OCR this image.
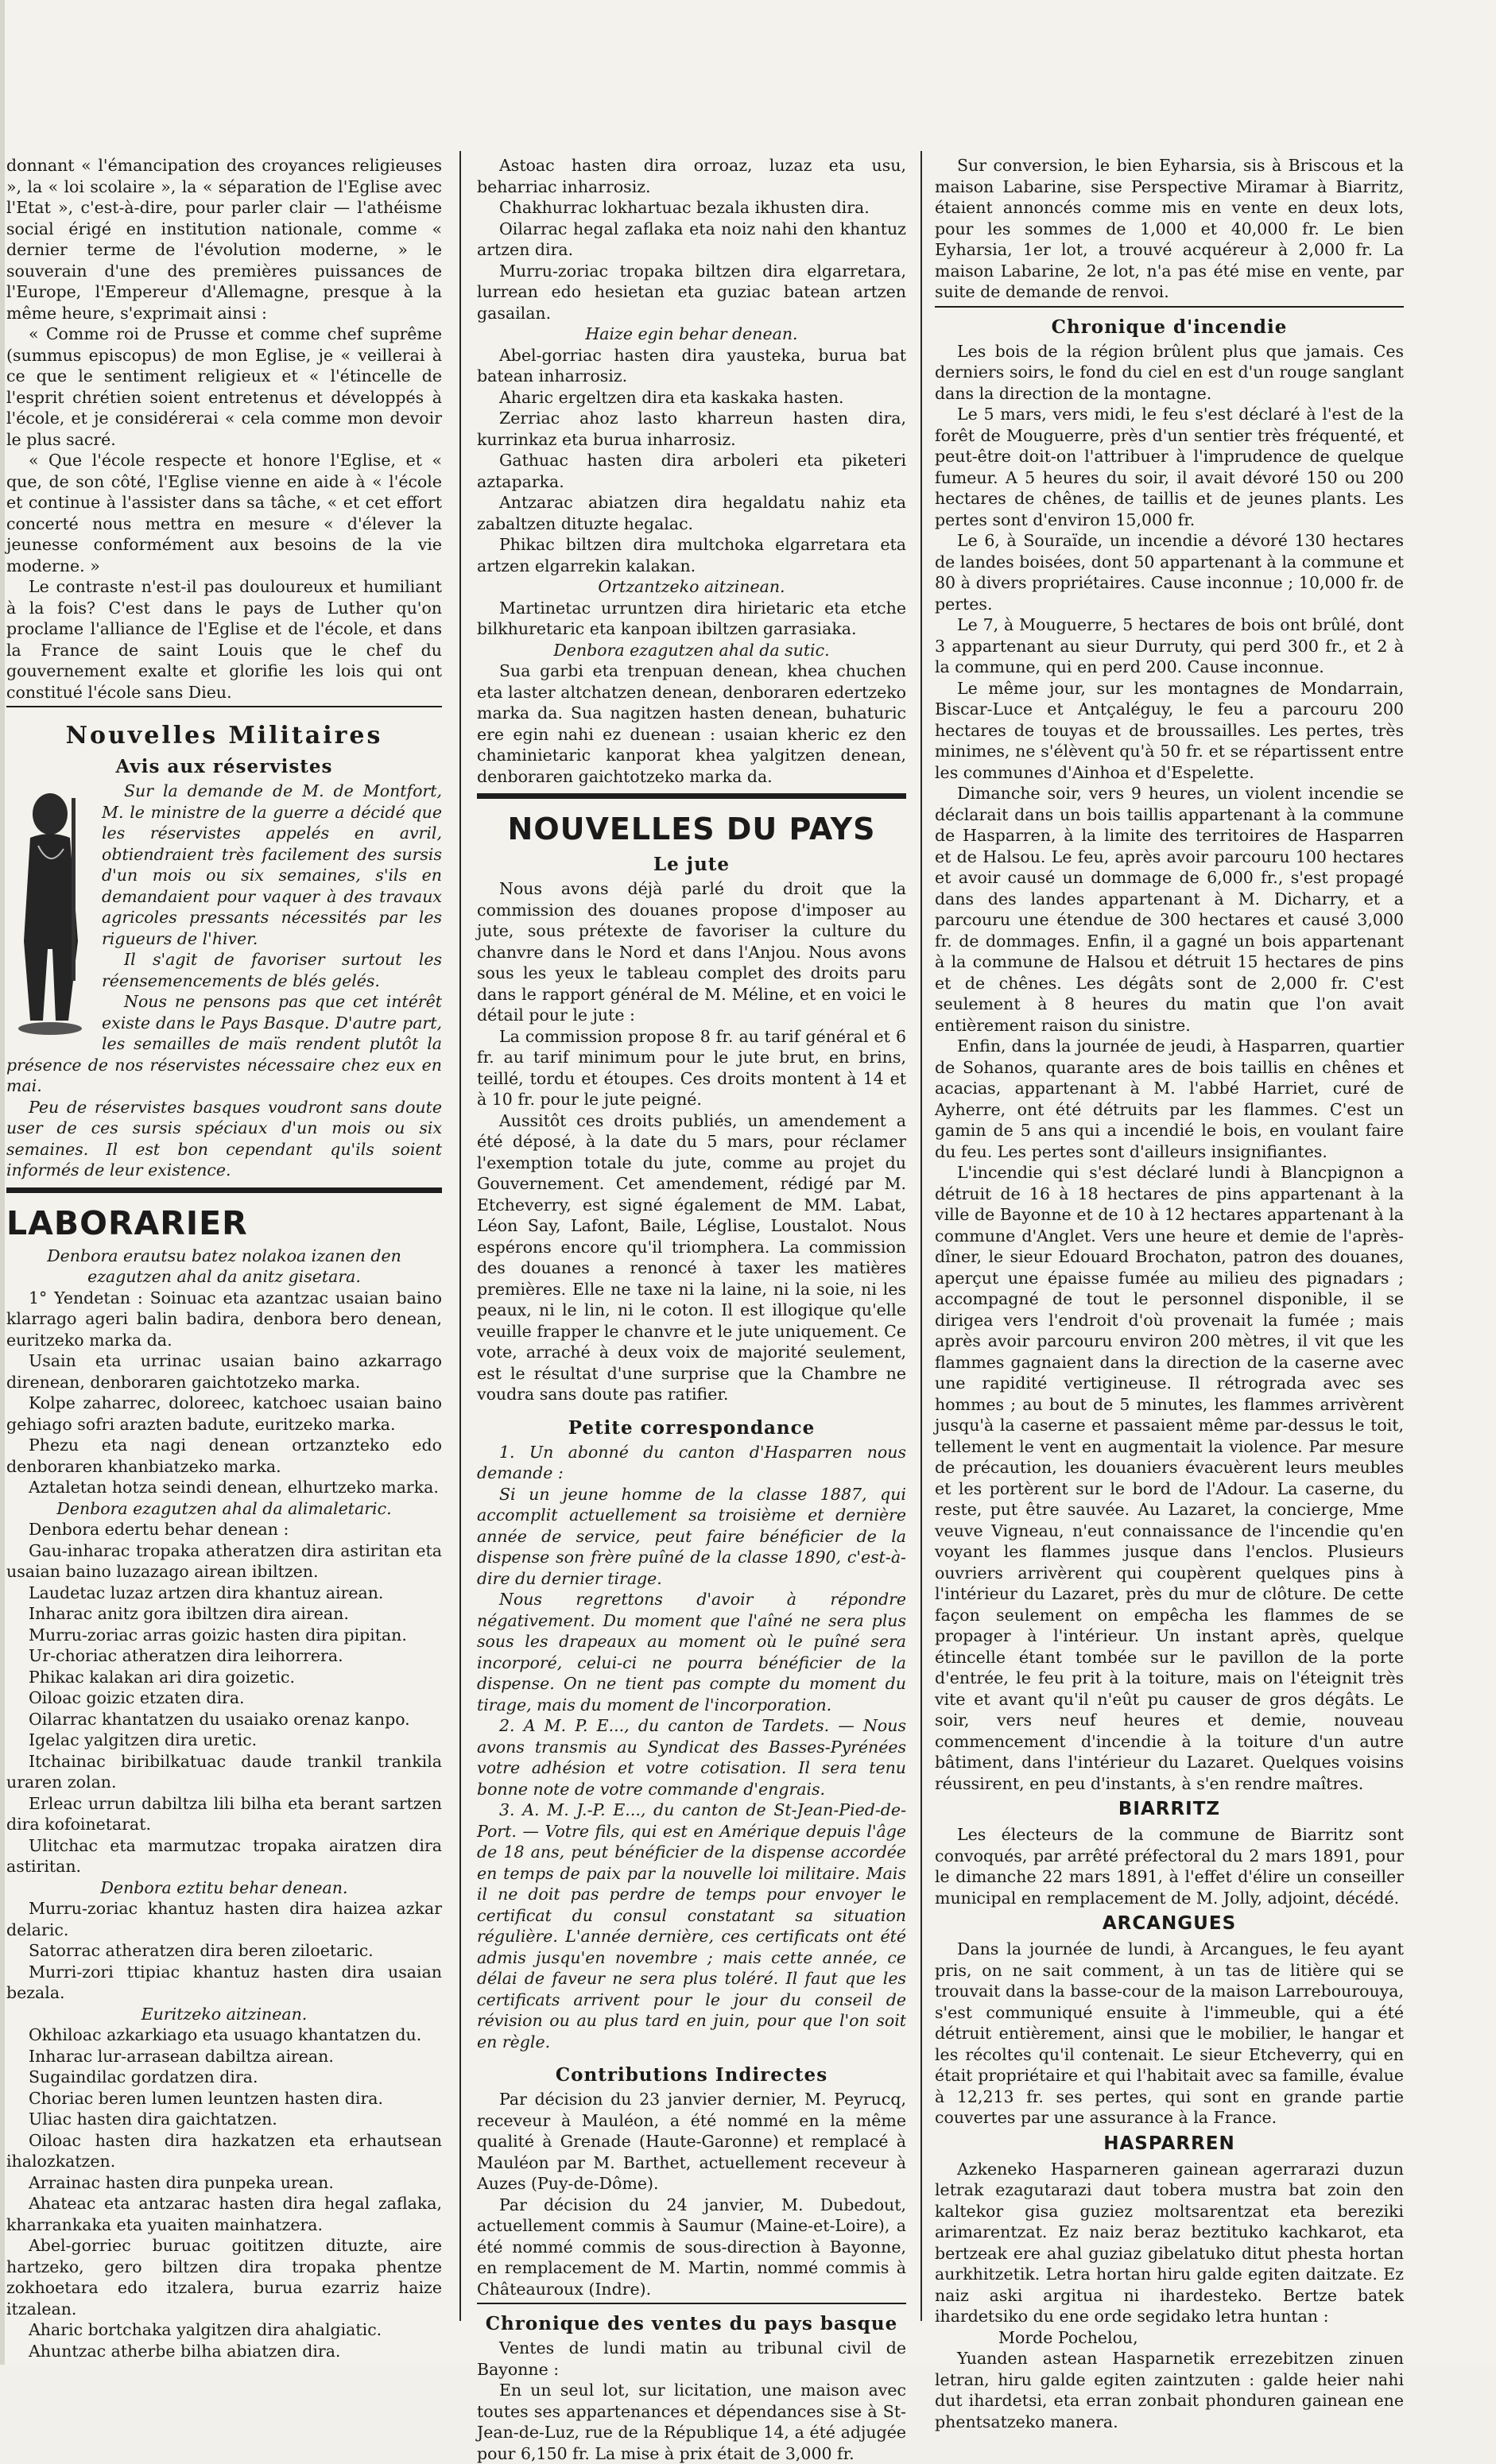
donnant « l'émancipation des croyances religieuses », la « loi scolaire », la « séparation de l'Eglise avec l'Etat », c'est-à-dire, pour parler clair — l'athéisme social érigé en institution nationale, comme « dernier terme de l'évolution moderne, » le souverain d'une des premières puissances de l'Europe, l'Empereur d'Allemagne, presque à la même heure, s'exprimait ainsi :

« Comme roi de Prusse et comme chef suprême (summus episcopus) de mon Eglise, je « veillerai à ce que le sentiment religieux et « l'étincelle de l'esprit chrétien soient entretenus et développés à l'école, et je considérerai « cela comme mon devoir le plus sacré.

« Que l'école respecte et honore l'Eglise, et « que, de son côté, l'Eglise vienne en aide à « l'école et continue à l'assister dans sa tâche, « et cet effort concerté nous mettra en mesure « d'élever la jeunesse conformément aux besoins de la vie moderne. »

Le contraste n'est-il pas douloureux et humiliant à la fois? C'est dans le pays de Luther qu'on proclame l'alliance de l'Eglise et de l'école, et dans la France de saint Louis que le chef du gouvernement exalte et glorifie les lois qui ont constitué l'école sans Dieu.

Nouvelles Militaires
Avis aux réservistes

Sur la demande de M. de Montfort, M. le ministre de la guerre a décidé que les réservistes appelés en avril, obtiendraient très facilement des sursis d'un mois ou six semaines, s'ils en demandaient pour vaquer à des travaux agricoles pressants nécessités par les rigueurs de l'hiver.

Il s'agit de favoriser surtout les réensemencements de blés gelés.

Nous ne pensons pas que cet intérêt existe dans le Pays Basque. D'autre part, les semailles de maïs rendent plutôt la présence de nos réservistes nécessaire chez eux en mai.

Peu de réservistes basques voudront sans doute user de ces sursis spéciaux d'un mois ou six semaines. Il est bon cependant qu'ils soient informés de leur existence.

LABORARIER

Denbora erautsu batez nolakoa izanen den ezagutzen ahal da anitz gisetara.

1° Yendetan : Soinuac eta azantzac usaian baino klarrago ageri balin badira, denbora bero denean, euritzeko marka da.

Usain eta urrinac usaian baino azkarrago direnean, denboraren gaichtotzeko marka.

Kolpe zaharrec, doloreec, katchoec usaian baino gehiago sofri arazten badute, euritzeko marka.

Phezu eta nagi denean ortzanzteko edo denboraren khanbiatzeko marka.

Aztaletan hotza seindi denean, elhurtzeko marka.

Denbora ezagutzen ahal da alimaletaric.

Denbora edertu behar denean :

Gau-inharac tropaka atheratzen dira astiritan eta usaian baino luzazago airean ibiltzen.

Laudetac luzaz artzen dira khantuz airean.

Inharac anitz gora ibiltzen dira airean.

Murru-zoriac arras goizic hasten dira pipitan.

Ur-choriac atheratzen dira leihorrera.

Phikac kalakan ari dira goizetic.

Oiloac goizic etzaten dira.

Oilarrac khantatzen du usaiako orenaz kanpo.

Igelac yalgitzen dira uretic.

Itchainac biribilkatuac daude trankil trankila uraren zolan.

Erleac urrun dabiltza lili bilha eta berant sartzen dira kofoinetarat.

Ulitchac eta marmutzac tropaka airatzen dira astiritan.

Denbora eztitu behar denean.

Murru-zoriac khantuz hasten dira haizea azkar delaric.

Satorrac atheratzen dira beren ziloetaric.

Murri-zori ttipiac khantuz hasten dira usaian bezala.

Euritzeko aitzinean.

Okhiloac azkarkiago eta usuago khantatzen du.

Inharac lur-arrasean dabiltza airean.

Sugaindilac gordatzen dira.

Choriac beren lumen leuntzen hasten dira.

Uliac hasten dira gaichtatzen.

Oiloac hasten dira hazkatzen eta erhautsean ihalozkatzen.

Arrainac hasten dira punpeka urean.

Ahateac eta antzarac hasten dira hegal zaflaka, kharrankaka eta yuaiten mainhatzera.

Abel-gorriec buruac goititzen dituzte, aire hartzeko, gero biltzen dira tropaka phentze zokhoetara edo itzalera, burua ezarriz haize itzalean.

Aharic bortchaka yalgitzen dira ahalgiatic.

Ahuntzac atherbe bilha abiatzen dira.

Astoac hasten dira orroaz, luzaz eta usu, beharriac inharrosiz.

Chakhurrac lokhartuac bezala ikhusten dira.

Oilarrac hegal zaflaka eta noiz nahi den khantuz artzen dira.

Murru-zoriac tropaka biltzen dira elgarretara, lurrean edo hesietan eta guziac batean artzen gasailan.

Haize egin behar denean.

Abel-gorriac hasten dira yausteka, burua bat batean inharrosiz.

Aharic ergeltzen dira eta kaskaka hasten.

Zerriac ahoz lasto kharreun hasten dira, kurrinkaz eta burua inharrosiz.

Gathuac hasten dira arboleri eta piketeri aztaparka.

Antzarac abiatzen dira hegaldatu nahiz eta zabaltzen dituzte hegalac.

Phikac biltzen dira multchoka elgarretara eta artzen elgarrekin kalakan.

Ortzantzeko aitzinean.

Martinetac urruntzen dira hirietaric eta etche bilkhuretaric eta kanpoan ibiltzen garrasiaka.

Denbora ezagutzen ahal da sutic.

Sua garbi eta trenpuan denean, khea chuchen eta laster altchatzen denean, denboraren edertzeko marka da. Sua nagitzen hasten denean, buhaturic ere egin nahi ez duenean : usaian kheric ez den chaminietaric kanporat khea yalgitzen denean, denboraren gaichtotzeko marka da.

NOUVELLES DU PAYS
Le jute

Nous avons déjà parlé du droit que la commission des douanes propose d'imposer au jute, sous prétexte de favoriser la culture du chanvre dans le Nord et dans l'Anjou. Nous avons sous les yeux le tableau complet des droits paru dans le rapport général de M. Méline, et en voici le détail pour le jute :

La commission propose 8 fr. au tarif général et 6 fr. au tarif minimum pour le jute brut, en brins, teillé, tordu et étoupes. Ces droits montent à 14 et à 10 fr. pour le jute peigné.

Aussitôt ces droits publiés, un amendement a été déposé, à la date du 5 mars, pour réclamer l'exemption totale du jute, comme au projet du Gouvernement. Cet amendement, rédigé par M. Etcheverry, est signé également de MM. Labat, Léon Say, Lafont, Baile, Léglise, Loustalot. Nous espérons encore qu'il triomphera. La commission des douanes a renoncé à taxer les matières premières. Elle ne taxe ni la laine, ni la soie, ni les peaux, ni le lin, ni le coton. Il est illogique qu'elle veuille frapper le chanvre et le jute uniquement. Ce vote, arraché à deux voix de majorité seulement, est le résultat d'une surprise que la Chambre ne voudra sans doute pas ratifier.

Petite correspondance

1. Un abonné du canton d'Hasparren nous demande :

Si un jeune homme de la classe 1887, qui accomplit actuellement sa troisième et dernière année de service, peut faire bénéficier de la dispense son frère puîné de la classe 1890, c'est-à-dire du dernier tirage.

Nous regrettons d'avoir à répondre négativement. Du moment que l'aîné ne sera plus sous les drapeaux au moment où le puîné sera incorporé, celui-ci ne pourra bénéficier de la dispense. On ne tient pas compte du moment du tirage, mais du moment de l'incorporation.

2. A M. P. E..., du canton de Tardets. — Nous avons transmis au Syndicat des Basses-Pyrénées votre adhésion et votre cotisation. Il sera tenu bonne note de votre commande d'engrais.

3. A. M. J.-P. E..., du canton de St-Jean-Pied-de-Port. — Votre fils, qui est en Amérique depuis l'âge de 18 ans, peut bénéficier de la dispense accordée en temps de paix par la nouvelle loi militaire. Mais il ne doit pas perdre de temps pour envoyer le certificat du consul constatant sa situation régulière. L'année dernière, ces certificats ont été admis jusqu'en novembre ; mais cette année, ce délai de faveur ne sera plus toléré. Il faut que les certificats arrivent pour le jour du conseil de révision ou au plus tard en juin, pour que l'on soit en règle.

Contributions Indirectes

Par décision du 23 janvier dernier, M. Peyrucq, receveur à Mauléon, a été nommé en la même qualité à Grenade (Haute-Garonne) et remplacé à Mauléon par M. Barthet, actuellement receveur à Auzes (Puy-de-Dôme).

Par décision du 24 janvier, M. Dubedout, actuellement commis à Saumur (Maine-et-Loire), a été nommé commis de sous-direction à Bayonne, en remplacement de M. Martin, nommé commis à Châteauroux (Indre).

Chronique des ventes du pays basque

Ventes de lundi matin au tribunal civil de Bayonne :

En un seul lot, sur licitation, une maison avec toutes ses appartenances et dépendances sise à St-Jean-de-Luz, rue de la République 14, a été adjugée pour 6,150 fr. La mise à prix était de 3,000 fr.

Sur conversion, le bien Eyharsia, sis à Briscous et la maison Labarine, sise Perspective Miramar à Biarritz, étaient annoncés comme mis en vente en deux lots, pour les sommes de 1,000 et 40,000 fr. Le bien Eyharsia, 1er lot, a trouvé acquéreur à 2,000 fr. La maison Labarine, 2e lot, n'a pas été mise en vente, par suite de demande de renvoi.

Chronique d'incendie

Les bois de la région brûlent plus que jamais. Ces derniers soirs, le fond du ciel en est d'un rouge sanglant dans la direction de la montagne.

Le 5 mars, vers midi, le feu s'est déclaré à l'est de la forêt de Mouguerre, près d'un sentier très fréquenté, et peut-être doit-on l'attribuer à l'imprudence de quelque fumeur. A 5 heures du soir, il avait dévoré 150 ou 200 hectares de chênes, de taillis et de jeunes plants. Les pertes sont d'environ 15,000 fr.

Le 6, à Souraïde, un incendie a dévoré 130 hectares de landes boisées, dont 50 appartenant à la commune et 80 à divers propriétaires. Cause inconnue ; 10,000 fr. de pertes.

Le 7, à Mouguerre, 5 hectares de bois ont brûlé, dont 3 appartenant au sieur Durruty, qui perd 300 fr., et 2 à la commune, qui en perd 200. Cause inconnue.

Le même jour, sur les montagnes de Mondarrain, Biscar-Luce et Antçaléguy, le feu a parcouru 200 hectares de touyas et de broussailles. Les pertes, très minimes, ne s'élèvent qu'à 50 fr. et se répartissent entre les communes d'Ainhoa et d'Espelette.

Dimanche soir, vers 9 heures, un violent incendie se déclarait dans un bois taillis appartenant à la commune de Hasparren, à la limite des territoires de Hasparren et de Halsou. Le feu, après avoir parcouru 100 hectares et avoir causé un dommage de 6,000 fr., s'est propagé dans des landes appartenant à M. Dicharry, et a parcouru une étendue de 300 hectares et causé 3,000 fr. de dommages. Enfin, il a gagné un bois appartenant à la commune de Halsou et détruit 15 hectares de pins et de chênes. Les dégâts sont de 2,000 fr. C'est seulement à 8 heures du matin que l'on avait entièrement raison du sinistre.

Enfin, dans la journée de jeudi, à Hasparren, quartier de Sohanos, quarante ares de bois taillis en chênes et acacias, appartenant à M. l'abbé Harriet, curé de Ayherre, ont été détruits par les flammes. C'est un gamin de 5 ans qui a incendié le bois, en voulant faire du feu. Les pertes sont d'ailleurs insignifiantes.

L'incendie qui s'est déclaré lundi à Blancpignon a détruit de 16 à 18 hectares de pins appartenant à la ville de Bayonne et de 10 à 12 hectares appartenant à la commune d'Anglet. Vers une heure et demie de l'après-dîner, le sieur Edouard Brochaton, patron des douanes, aperçut une épaisse fumée au milieu des pignadars ; accompagné de tout le personnel disponible, il se dirigea vers l'endroit d'où provenait la fumée ; mais après avoir parcouru environ 200 mètres, il vit que les flammes gagnaient dans la direction de la caserne avec une rapidité vertigineuse. Il rétrograda avec ses hommes ; au bout de 5 minutes, les flammes arrivèrent jusqu'à la caserne et passaient même par-dessus le toit, tellement le vent en augmentait la violence. Par mesure de précaution, les douaniers évacuèrent leurs meubles et les portèrent sur le bord de l'Adour. La caserne, du reste, put être sauvée. Au Lazaret, la concierge, Mme veuve Vigneau, n'eut connaissance de l'incendie qu'en voyant les flammes jusque dans l'enclos. Plusieurs ouvriers arrivèrent qui coupèrent quelques pins à l'intérieur du Lazaret, près du mur de clôture. De cette façon seulement on empêcha les flammes de se propager à l'intérieur. Un instant après, quelque étincelle étant tombée sur le pavillon de la porte d'entrée, le feu prit à la toiture, mais on l'éteignit très vite et avant qu'il n'eût pu causer de gros dégâts. Le soir, vers neuf heures et demie, nouveau commencement d'incendie à la toiture d'un autre bâtiment, dans l'intérieur du Lazaret. Quelques voisins réussirent, en peu d'instants, à s'en rendre maîtres.

BIARRITZ

Les électeurs de la commune de Biarritz sont convoqués, par arrêté préfectoral du 2 mars 1891, pour le dimanche 22 mars 1891, à l'effet d'élire un conseiller municipal en remplacement de M. Jolly, adjoint, décédé.

ARCANGUES

Dans la journée de lundi, à Arcangues, le feu ayant pris, on ne sait comment, à un tas de litière qui se trouvait dans la basse-cour de la maison Larrebourouya, s'est communiqué ensuite à l'immeuble, qui a été détruit entièrement, ainsi que le mobilier, le hangar et les récoltes qu'il contenait. Le sieur Etcheverry, qui en était propriétaire et qui l'habitait avec sa famille, évalue à 12,213 fr. ses pertes, qui sont en grande partie couvertes par une assurance à la France.

HASPARREN

Azkeneko Hasparneren gainean agerrarazi duzun letrak ezagutarazi daut tobera mustra bat zoin den kaltekor gisa guziez moltsarentzat eta bereziki arimarentzat. Ez naiz beraz beztituko kachkarot, eta bertzeak ere ahal guziaz gibelatuko ditut phesta hortan aurkhitzetik. Letra hortan hiru galde egiten daitzate. Ez naiz aski argitua ni ihardesteko. Bertze batek ihardetsiko du ene orde segidako letra huntan :

Morde Pochelou,

Yuanden astean Hasparnetik errezebitzen zinuen letran, hiru galde egiten zaintzuten : galde heier nahi dut ihardetsi, eta erran zonbait phonduren gainean ene phentsatzeko manera.
